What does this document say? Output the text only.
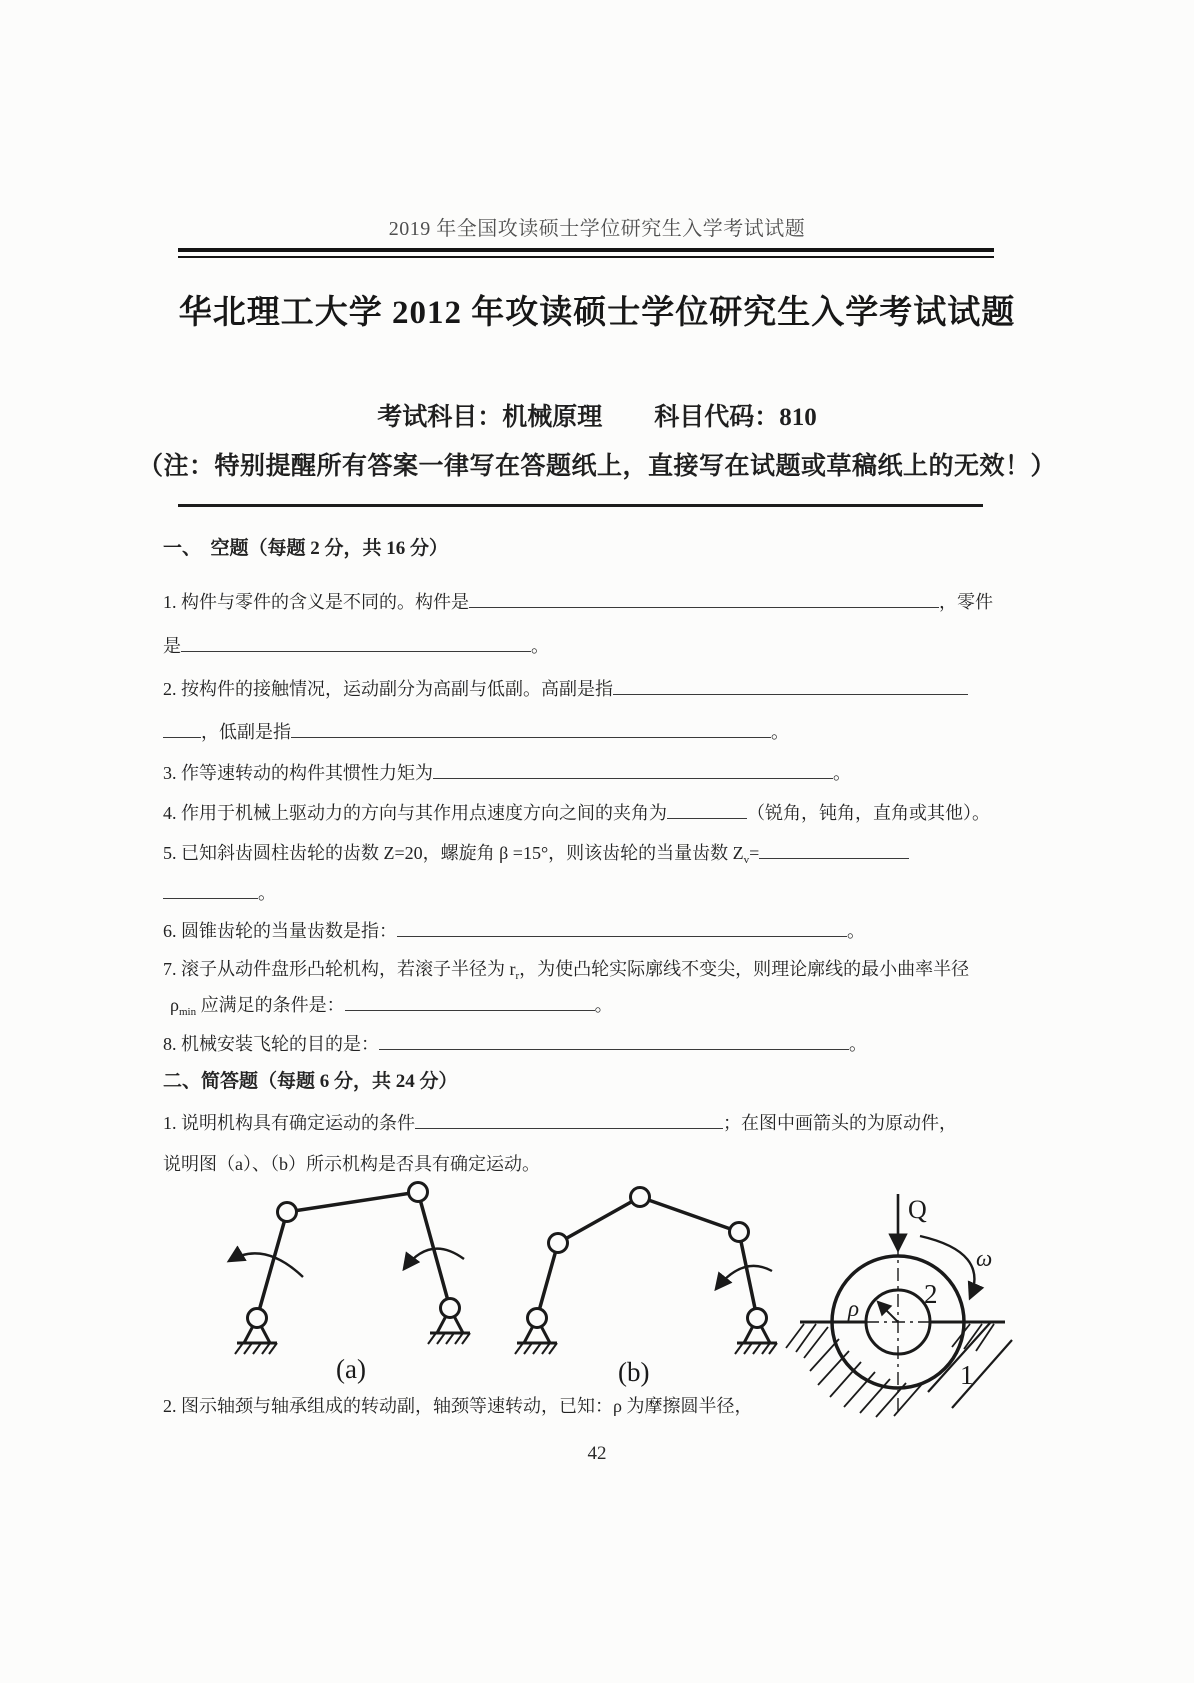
2019 年全国攻读硕士学位研究生入学考试试题
华北理工大学 2012 年攻读硕士学位研究生入学考试试题
考试科目：机械原理 科目代码：810
（注：特别提醒所有答案一律写在答题纸上，直接写在试题或草稿纸上的无效！）
一、  空题（每题 2 分，共 16 分）
1. 构件与零件的含义是不同的。构件是	，零件
是	。
2. 按构件的接触情况，运动副分为高副与低副。高副是指
，低副是指	。
3. 作等速转动的构件其惯性力矩为	。
4. 作用于机械上驱动力的方向与其作用点速度方向之间的夹角为	（锐角，钝角，直角或其他）。
5. 已知斜齿圆柱齿轮的齿数 Z=20，螺旋角 β =15°，则该齿轮的当量齿数 $Z_v=$
。
6. 圆锥齿轮的当量齿数是指：	。
7. 滚子从动件盘形凸轮机构，若滚子半径为 $r_r$，为使凸轮实际廓线不变尖，则理论廓线的最小曲率半径
$\rho_{min}$ 应满足的条件是：	。
8. 机械安装飞轮的目的是：	。
二、简答题（每题 6 分，共 24 分）
1. 说明机构具有确定运动的条件	；在图中画箭头的为原动件，
说明图（a）、（b）所示机构是否具有确定运动。
(a)	(b)
Q
ω
ρ 2
1
2. 图示轴颈与轴承组成的转动副，轴颈等速转动，已知：ρ 为摩擦圆半径，
42
